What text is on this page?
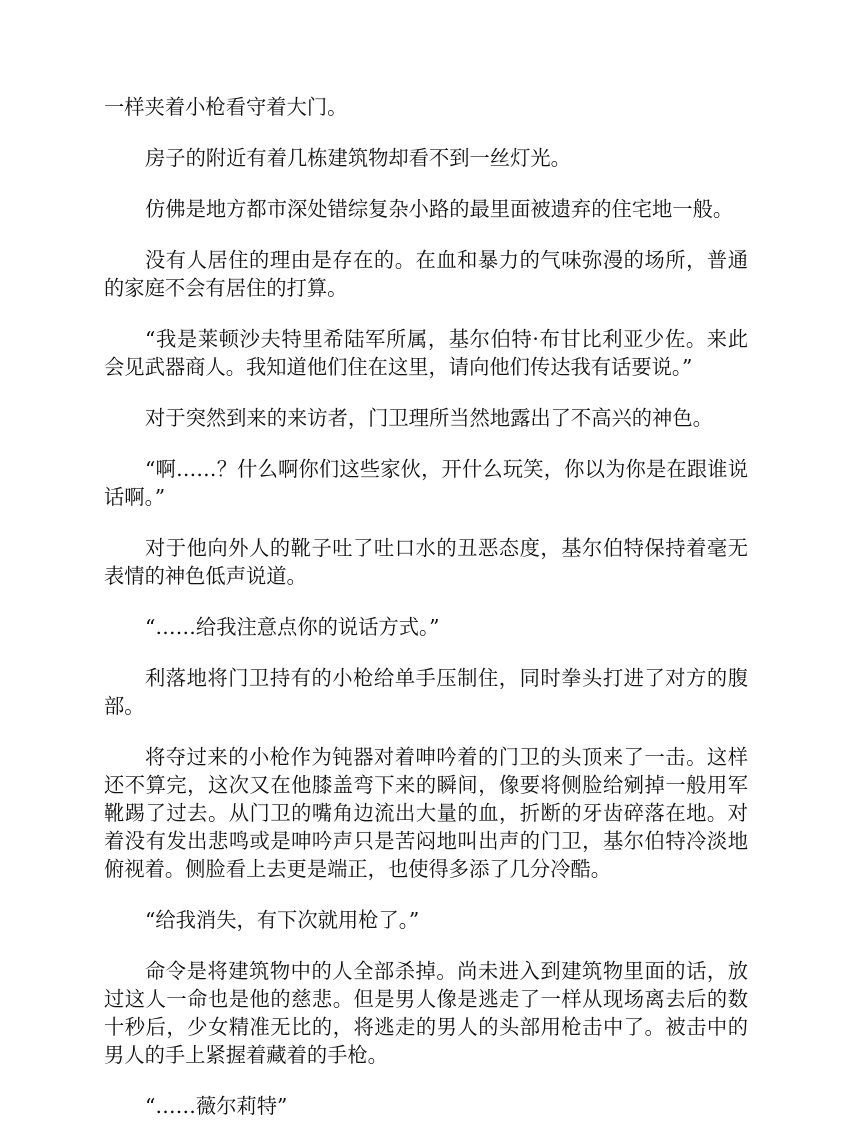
一样夹着小枪看守着大门。

房子的附近有着几栋建筑物却看不到一丝灯光。

仿佛是地方都市深处错综复杂小路的最里面被遗弃的住宅地一般。

没有人居住的理由是存在的。在血和暴力的气味弥漫的场所，普通的家庭不会有居住的打算。

“我是莱顿沙夫特里希陆军所属，基尔伯特·布甘比利亚少佐。来此会见武器商人。我知道他们住在这里，请向他们传达我有话要说。”

对于突然到来的来访者，门卫理所当然地露出了不高兴的神色。

“啊……？什么啊你们这些家伙，开什么玩笑，你以为你是在跟谁说话啊。”

对于他向外人的靴子吐了吐口水的丑恶态度，基尔伯特保持着毫无表情的神色低声说道。

“……给我注意点你的说话方式。”

利落地将门卫持有的小枪给单手压制住，同时拳头打进了对方的腹部。

将夺过来的小枪作为钝器对着呻吟着的门卫的头顶来了一击。这样还不算完，这次又在他膝盖弯下来的瞬间，像要将侧脸给剜掉一般用军靴踢了过去。从门卫的嘴角边流出大量的血，折断的牙齿碎落在地。对着没有发出悲鸣或是呻吟声只是苦闷地叫出声的门卫，基尔伯特冷淡地俯视着。侧脸看上去更是端正，也使得多添了几分冷酷。

“给我消失，有下次就用枪了。”

命令是将建筑物中的人全部杀掉。尚未进入到建筑物里面的话，放过这人一命也是他的慈悲。但是男人像是逃走了一样从现场离去后的数十秒后，少女精准无比的，将逃走的男人的头部用枪击中了。被击中的男人的手上紧握着藏着的手枪。

“……薇尔莉特”
